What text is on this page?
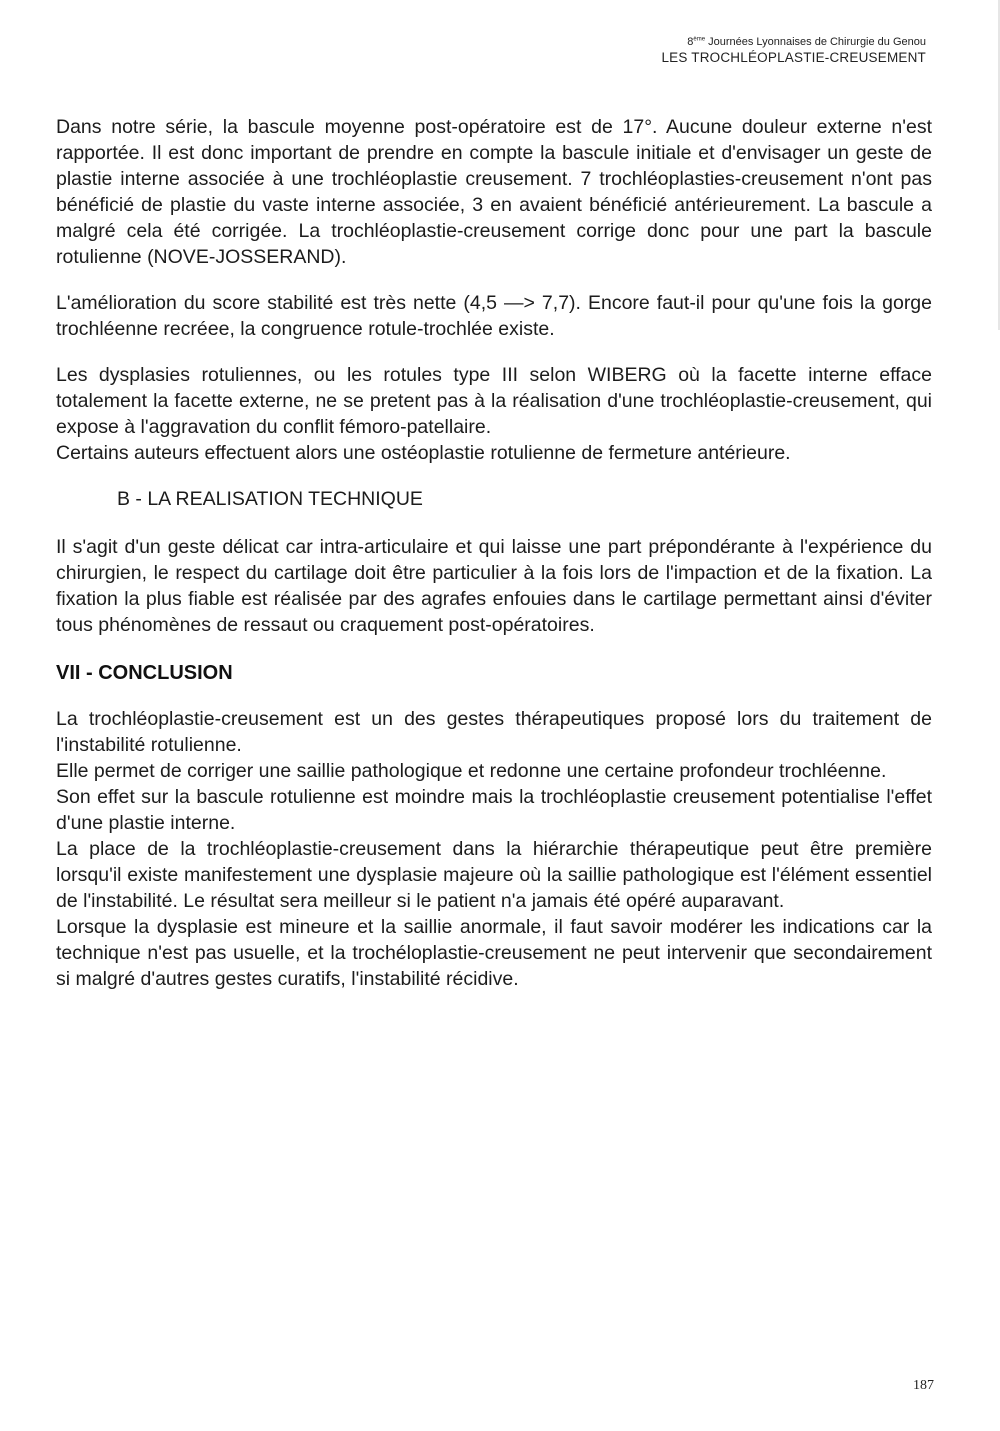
8ème Journées Lyonnaises de Chirurgie du Genou
LES TROCHLÉOPLASTIE-CREUSEMENT

Dans notre série, la bascule moyenne post-opératoire est de 17°. Aucune douleur externe n'est rapportée. Il est donc important de prendre en compte la bascule initiale et d'envisager un geste de plastie interne associée à une trochléoplastie creusement. 7 trochléoplasties-creusement n'ont pas bénéficié de plastie du vaste interne associée, 3 en avaient bénéficié antérieurement. La bascule a malgré cela été corrigée. La trochléoplastie-creusement corrige donc pour une part la bascule rotulienne (NOVE-JOSSERAND).

L'amélioration du score stabilité est très nette (4,5 —> 7,7). Encore faut-il pour qu'une fois la gorge trochléenne recréee, la congruence rotule-trochlée existe.

Les dysplasies rotuliennes, ou les rotules type III selon WIBERG où la facette interne efface totalement la facette externe, ne se pretent pas à la réalisation d'une trochléoplastie-creusement, qui expose à l'aggravation du conflit fémoro-patellaire.

Certains auteurs effectuent alors une ostéoplastie rotulienne de fermeture antérieure.

B - LA REALISATION TECHNIQUE

Il s'agit d'un geste délicat car intra-articulaire et qui laisse une part prépondérante à l'expérience du chirurgien, le respect du cartilage doit être particulier à la fois lors de l'impaction et de la fixation. La fixation la plus fiable est réalisée par des agrafes enfouies dans le cartilage permettant ainsi d'éviter tous phénomènes de ressaut ou craquement post-opératoires.

VII - CONCLUSION

La trochléoplastie-creusement est un des gestes thérapeutiques proposé lors du traitement de l'instabilité rotulienne.
Elle permet de corriger une saillie pathologique et redonne une certaine profondeur trochléenne.
Son effet sur la bascule rotulienne est moindre mais la trochléoplastie creusement potentialise l'effet d'une plastie interne.
La place de la trochléoplastie-creusement dans la hiérarchie thérapeutique peut être première lorsqu'il existe manifestement une dysplasie majeure où la saillie pathologique est l'élément essentiel de l'instabilité. Le résultat sera meilleur si le patient n'a jamais été opéré auparavant.
Lorsque la dysplasie est mineure et la saillie anormale, il faut savoir modérer les indications car la technique n'est pas usuelle, et la trochéloplastie-creusement ne peut intervenir que secondairement si malgré d'autres gestes curatifs, l'instabilité récidive.

187
